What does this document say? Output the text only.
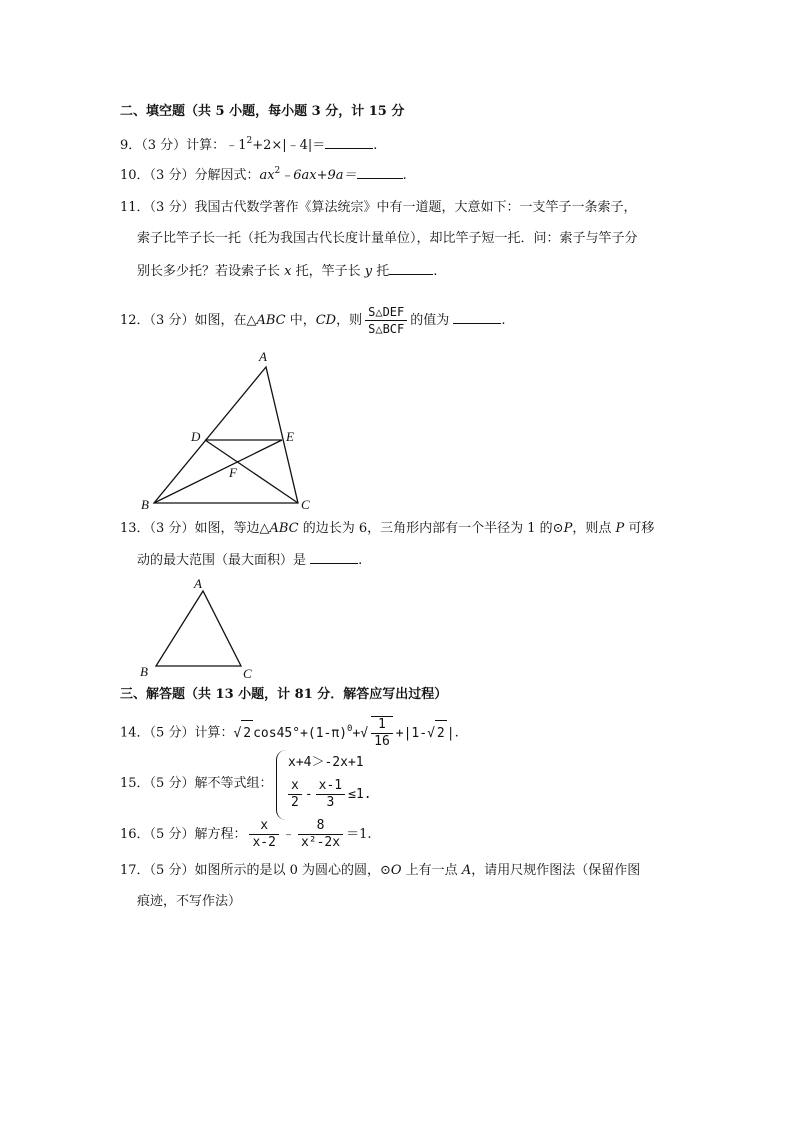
二、填空题（共 5 小题，每小题 3 分，计 15 分
9．（3 分）计算：$﹣1^2+2\times|﹣4|=$	.
10．（3 分）分解因式：$ax^2﹣6ax+9a=$	.
11．（3 分）我国古代数学著作《算法统宗》中有一道题，大意如下：一支竿子一条索子，
索子比竿子长一托（托为我国古代长度计量单位），却比竿子短一托．问：索子与竿子分
别长多少托？若设索子长 x 托，竿子长 y 托	.
12．（3 分）如图，在△ABC 中，CD，则 $\frac{\text{S△DEF}}{\text{S△BCF}}$ 的值为	.
A
D	E
F
B	C
13．（3 分）如图，等边△ABC 的边长为 6，三角形内部有一个半径为 1 的⊙P，则点 P 可移
动的最大范围（最大面积）是	.
A
B	C
三、解答题（共 13 小题，计 81 分．解答应写出过程）
14．（5 分）计算：√ 2 $\cos 45^\circ+(1-\pi)^0+√ \frac{1}{16} +|1-√$ 2 |.
15．（5 分）解不等式组：
x+4＞-2x+1
$\frac{x}{2} - \frac{x-1}{3} \le 1$.
16．（5 分）解方程： $\frac{x}{x-2}$ ﹣ $\frac{8}{\text{x²-2x}} =1$.
17．（5 分）如图所示的是以 0 为圆心的圆，⊙O 上有一点 A，请用尺规作图法（保留作图
痕迹，不写作法）
